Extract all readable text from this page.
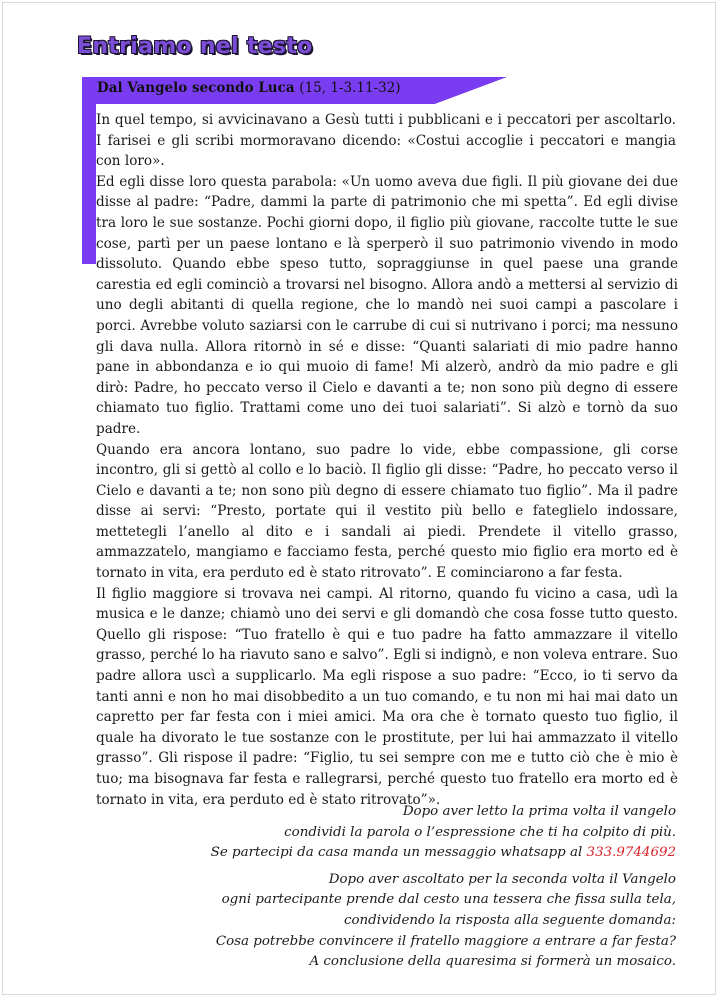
Entriamo nel testo
Dal Vangelo secondo Luca (15, 1-3.11-32)

In quel tempo, si avvicinavano a Gesù tutti i pubblicani e i peccatori per ascoltarlo. I farisei e gli scribi mormoravano dicendo: «Costui accoglie i peccatori e mangia con loro».

Ed egli disse loro questa parabola: «Un uomo aveva due figli. Il più giovane dei due disse al padre: “Padre, dammi la parte di patrimonio che mi spetta”. Ed egli divise tra loro le sue sostanze. Pochi giorni dopo, il figlio più giovane, raccolte tutte le sue cose, partì per un paese lontano e là sperperò il suo patrimonio vivendo in modo dissoluto. Quando ebbe speso tutto, sopraggiunse in quel paese una grande carestia ed egli cominciò a trovarsi nel bisogno. Allora andò a mettersi al servizio di uno degli abitanti di quella regione, che lo mandò nei suoi campi a pascolare i porci. Avrebbe voluto saziarsi con le carrube di cui si nutrivano i porci; ma nessuno gli dava nulla. Allora ritornò in sé e disse: “Quanti salariati di mio padre hanno pane in abbondanza e io qui muoio di fame! Mi alzerò, andrò da mio padre e gli dirò: Padre, ho peccato verso il Cielo e davanti a te; non sono più degno di essere chiamato tuo figlio. Trattami come uno dei tuoi salariati”. Si alzò e tornò da suo padre.

Quando era ancora lontano, suo padre lo vide, ebbe compassione, gli corse incontro, gli si gettò al collo e lo baciò. Il figlio gli disse: “Padre, ho peccato verso il Cielo e davanti a te; non sono più degno di essere chiamato tuo figlio”. Ma il padre disse ai servi: “Presto, portate qui il vestito più bello e fateglielo indossare, mettetegli l’anello al dito e i sandali ai piedi. Prendete il vitello grasso, ammazzatelo, mangiamo e facciamo festa, perché questo mio figlio era morto ed è tornato in vita, era perduto ed è stato ritrovato”. E cominciarono a far festa.

Il figlio maggiore si trovava nei campi. Al ritorno, quando fu vicino a casa, udì la musica e le danze; chiamò uno dei servi e gli domandò che cosa fosse tutto questo. Quello gli rispose: “Tuo fratello è qui e tuo padre ha fatto ammazzare il vitello grasso, perché lo ha riavuto sano e salvo”. Egli si indignò, e non voleva entrare. Suo padre allora uscì a supplicarlo. Ma egli rispose a suo padre: “Ecco, io ti servo da tanti anni e non ho mai disobbedito a un tuo comando, e tu non mi hai mai dato un capretto per far festa con i miei amici. Ma ora che è tornato questo tuo figlio, il quale ha divorato le tue sostanze con le prostitute, per lui hai ammazzato il vitello grasso”. Gli rispose il padre: “Figlio, tu sei sempre con me e tutto ciò che è mio è tuo; ma bisognava far festa e rallegrarsi, perché questo tuo fratello era morto ed è tornato in vita, era perduto ed è stato ritrovato”».

Dopo aver letto la prima volta il vangelo

condividi la parola o l’espressione che ti ha colpito di più.

Se partecipi da casa manda un messaggio whatsapp al 333.9744692

Dopo aver ascoltato per la seconda volta il Vangelo

ogni partecipante prende dal cesto una tessera che fissa sulla tela,

condividendo la risposta alla seguente domanda:

Cosa potrebbe convincere il fratello maggiore a entrare a far festa?

A conclusione della quaresima si formerà un mosaico.
